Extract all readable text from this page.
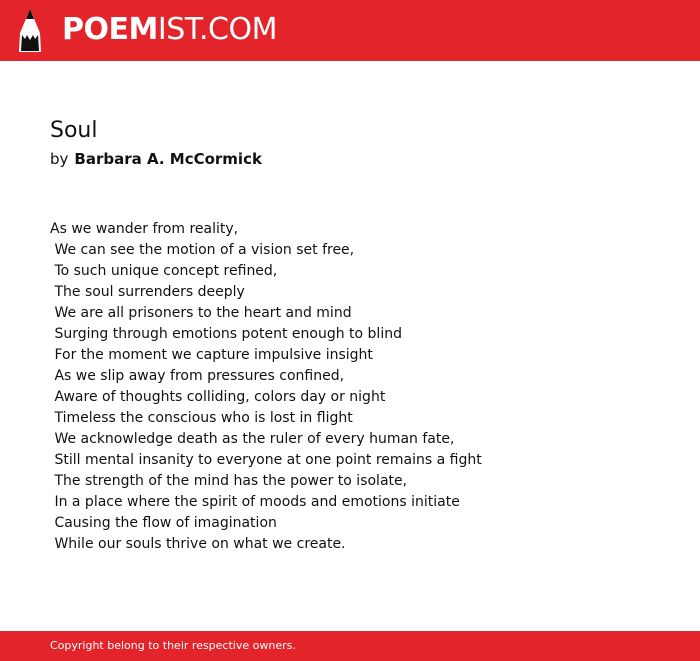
POEMIST.COM
Soul
by Barbara A. McCormick
As we wander from reality,
We can see the motion of a vision set free,
To such unique concept refined,
The soul surrenders deeply
We are all prisoners to the heart and mind
Surging through emotions potent enough to blind
For the moment we capture impulsive insight
As we slip away from pressures confined,
Aware of thoughts colliding, colors day or night
Timeless the conscious who is lost in flight
We acknowledge death as the ruler of every human fate,
Still mental insanity to everyone at one point remains a fight
The strength of the mind has the power to isolate,
In a place where the spirit of moods and emotions initiate
Causing the flow of imagination
While our souls thrive on what we create.
Copyright belong to their respective owners.
